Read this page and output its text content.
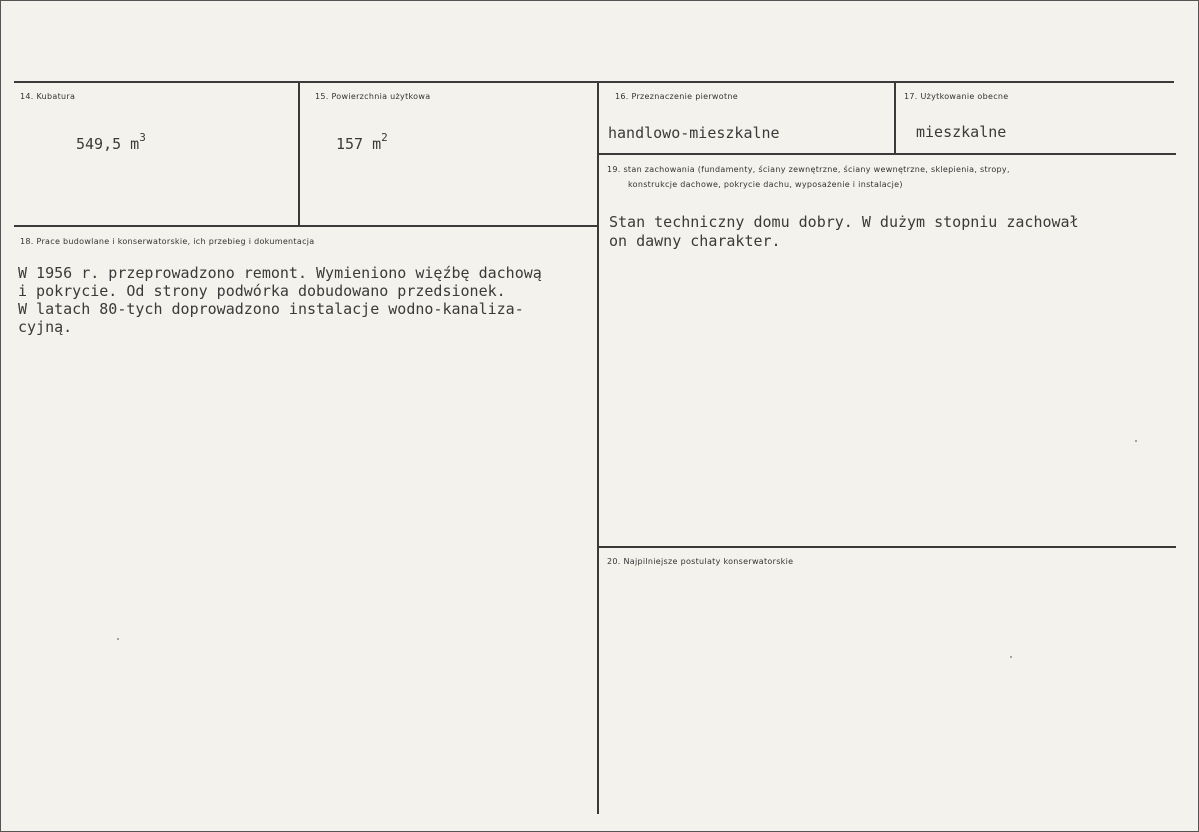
14. Kubatura
549,5 $m^3$
15. Powierzchnia użytkowa
157 $m^2$
16. Przeznaczenie pierwotne
handlowo-mieszkalne
17. Użytkowanie obecne
mieszkalne
19. stan zachowania (fundamenty, ściany zewnętrzne, ściany wewnętrzne, sklepienia, stropy,
konstrukcje dachowe, pokrycie dachu, wyposażenie i instalacje)
Stan techniczny domu dobry. W dużym stopniu zachował
on dawny charakter.
18. Prace budowlane i konserwatorskie, ich przebieg i dokumentacja
W 1956 r. przeprowadzono remont. Wymieniono więźbę dachową
i pokrycie. Od strony podwórka dobudowano przedsionek.
W latach 80-tych doprowadzono instalacje wodno-kanaliza-
cyjną.
20. Najpilniejsze postulaty konserwatorskie
